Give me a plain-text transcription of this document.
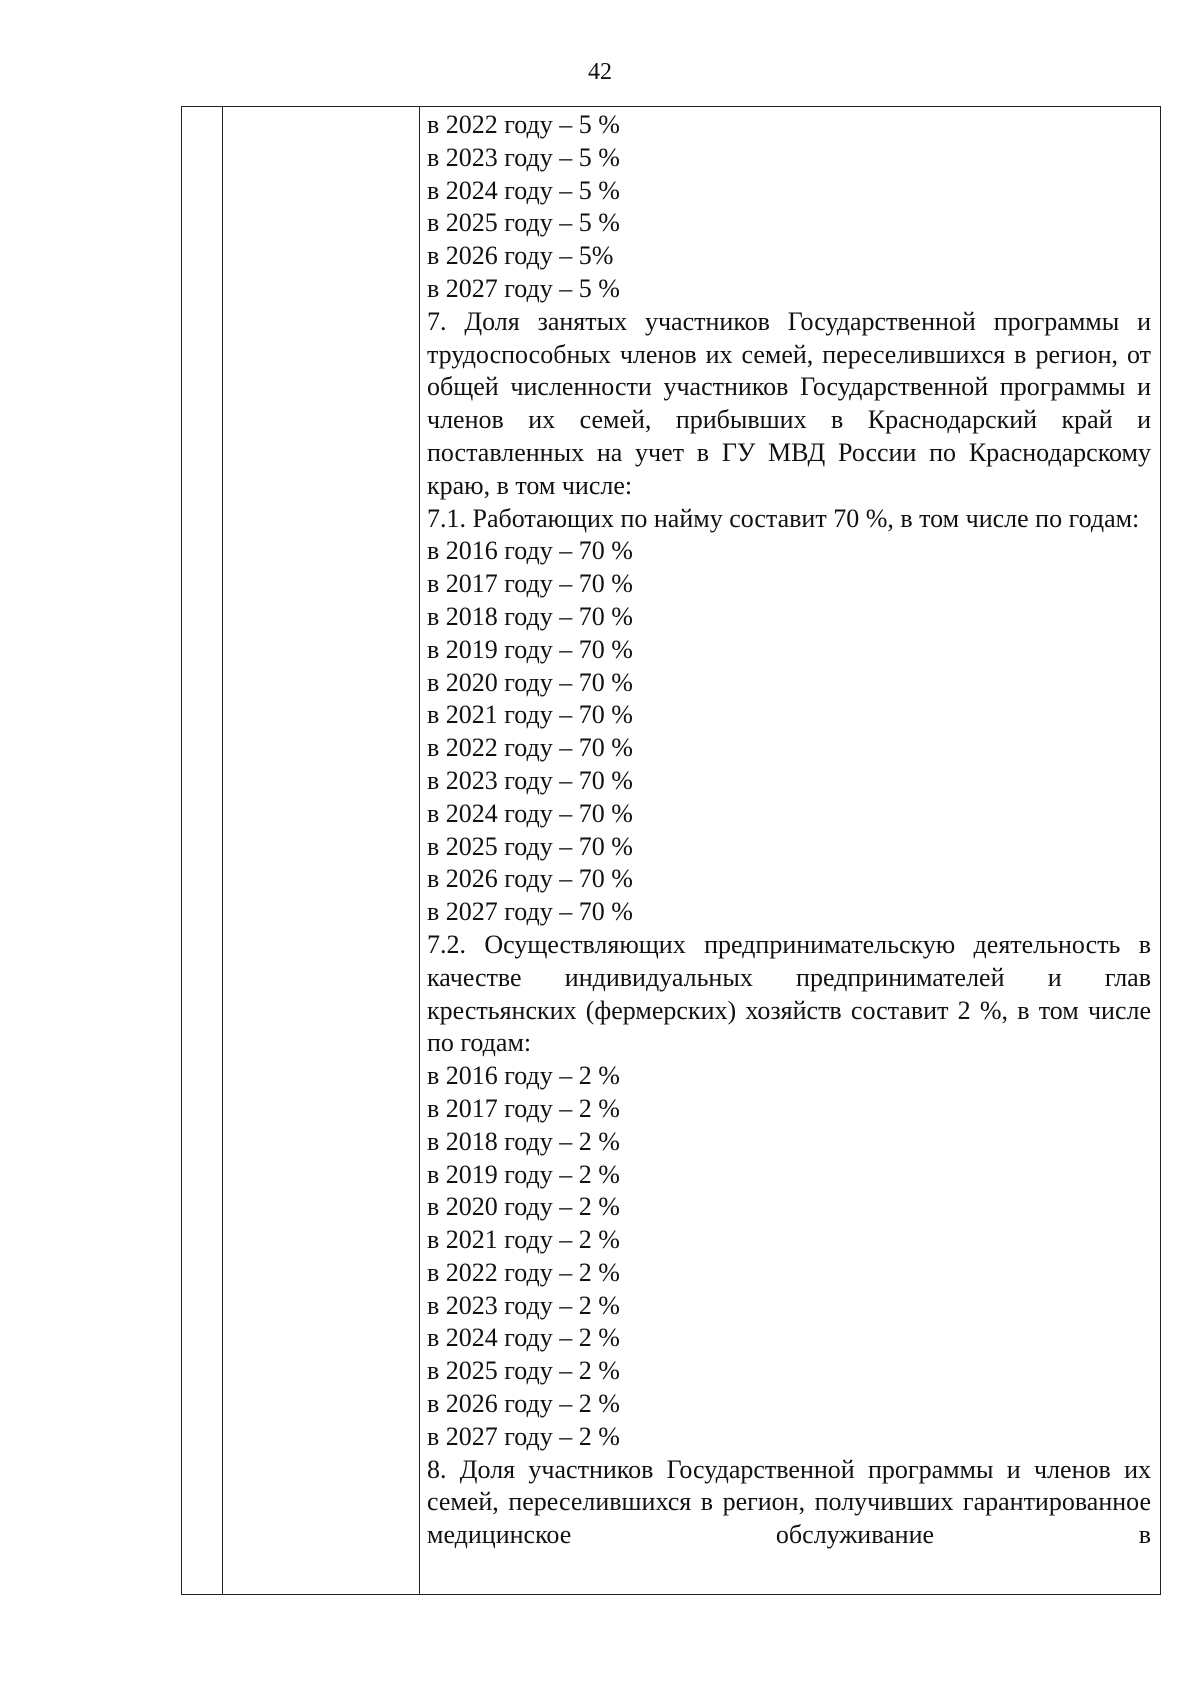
42
в 2022 году – 5 %
в 2023 году – 5 %
в 2024 году – 5 %
в 2025 году – 5 %
в 2026 году – 5%
в 2027 году – 5 %
7. Доля занятых участников Государственной программы и трудоспособных членов их семей, переселившихся в регион, от общей численности участников Государственной программы и членов их семей, прибывших в Краснодарский край и поставленных на учет в ГУ МВД России по Краснодарскому краю, в том числе:
7.1. Работающих по найму составит 70 %, в том числе по годам:
в 2016 году – 70 %
в 2017 году – 70 %
в 2018 году – 70 %
в 2019 году – 70 %
в 2020 году – 70 %
в 2021 году – 70 %
в 2022 году – 70 %
в 2023 году – 70 %
в 2024 году – 70 %
в 2025 году – 70 %
в 2026 году – 70 %
в 2027 году – 70 %
7.2. Осуществляющих предпринимательскую деятельность в качестве индивидуальных предпринимателей и глав крестьянских (фермерских) хозяйств составит 2 %, в том числе по годам:
в 2016 году – 2 %
в 2017 году – 2 %
в 2018 году – 2 %
в 2019 году – 2 %
в 2020 году – 2 %
в 2021 году – 2 %
в 2022 году – 2 %
в 2023 году – 2 %
в 2024 году – 2 %
в 2025 году – 2 %
в 2026 году – 2 %
в 2027 году – 2 %
8. Доля участников Государственной программы и членов их семей, переселившихся в регион, получивших гарантированное медицинское обслуживание в
